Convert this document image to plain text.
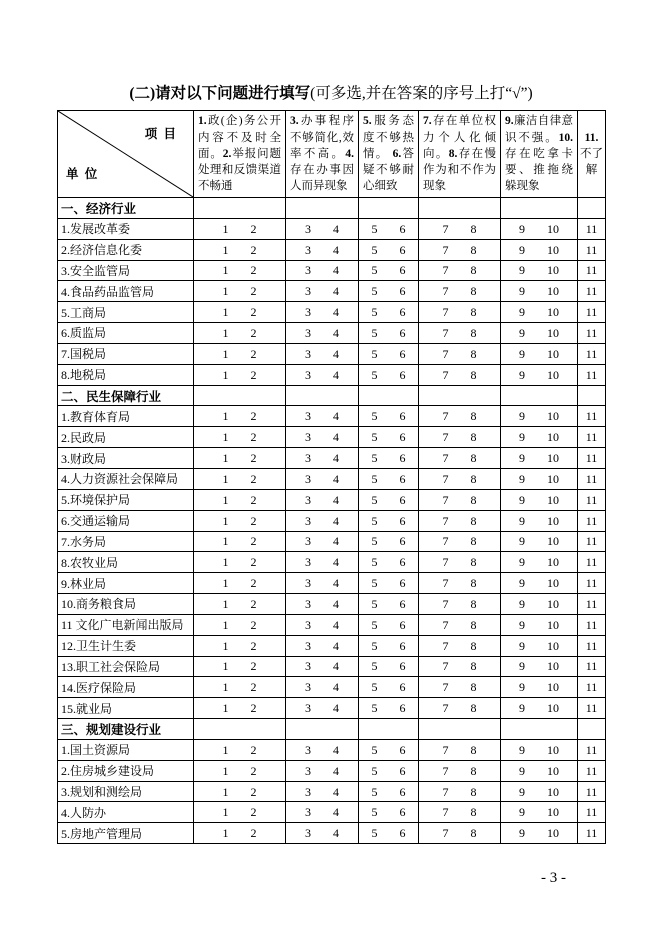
(二)请对以下问题进行填写(可多选,并在答案的序号上打“√”)
项  目
单  位	1.政(企)务公开内容不及时全面。2.举报问题处理和反馈渠道不畅通	3.办事程序不够简化,效率不高。4.存在办事因人而异现象	5.服务态度不够热情。 6.答疑不够耐心细致	7.存在单位权力个人化倾向。8.存在慢作为和不作为现象	9.廉洁自律意识不强。10.存在吃拿卡要、推拖绕躲现象	11.不了解
一、经济行业						
1.发展改革委	1 2	3 4	5 6	7 8	9 10	11

2.经济信息化委	1 2	3 4	5 6	7 8	9 10	11

3.安全监管局	1 2	3 4	5 6	7 8	9 10	11

4.食品药品监管局	1 2	3 4	5 6	7 8	9 10	11

5.工商局	1 2	3 4	5 6	7 8	9 10	11

6.质监局	1 2	3 4	5 6	7 8	9 10	11

7.国税局	1 2	3 4	5 6	7 8	9 10	11

8.地税局	1 2	3 4	5 6	7 8	9 10	11

二、民生保障行业						
1.教育体育局	1 2	3 4	5 6	7 8	9 10	11

2.民政局	1 2	3 4	5 6	7 8	9 10	11

3.财政局	1 2	3 4	5 6	7 8	9 10	11

4.人力资源社会保障局	1 2	3 4	5 6	7 8	9 10	11

5.环境保护局	1 2	3 4	5 6	7 8	9 10	11

6.交通运输局	1 2	3 4	5 6	7 8	9 10	11

7.水务局	1 2	3 4	5 6	7 8	9 10	11

8.农牧业局	1 2	3 4	5 6	7 8	9 10	11

9.林业局	1 2	3 4	5 6	7 8	9 10	11

10.商务粮食局	1 2	3 4	5 6	7 8	9 10	11

11 文化广电新闻出版局	1 2	3 4	5 6	7 8	9 10	11

12.卫生计生委	1 2	3 4	5 6	7 8	9 10	11

13.职工社会保险局	1 2	3 4	5 6	7 8	9 10	11

14.医疗保险局	1 2	3 4	5 6	7 8	9 10	11

15.就业局	1 2	3 4	5 6	7 8	9 10	11

三、规划建设行业						
1.国土资源局	1 2	3 4	5 6	7 8	9 10	11

2.住房城乡建设局	1 2	3 4	5 6	7 8	9 10	11

3.规划和测绘局	1 2	3 4	5 6	7 8	9 10	11

4.人防办	1 2	3 4	5 6	7 8	9 10	11

5.房地产管理局	1 2	3 4	5 6	7 8	9 10	11
- 3 -
